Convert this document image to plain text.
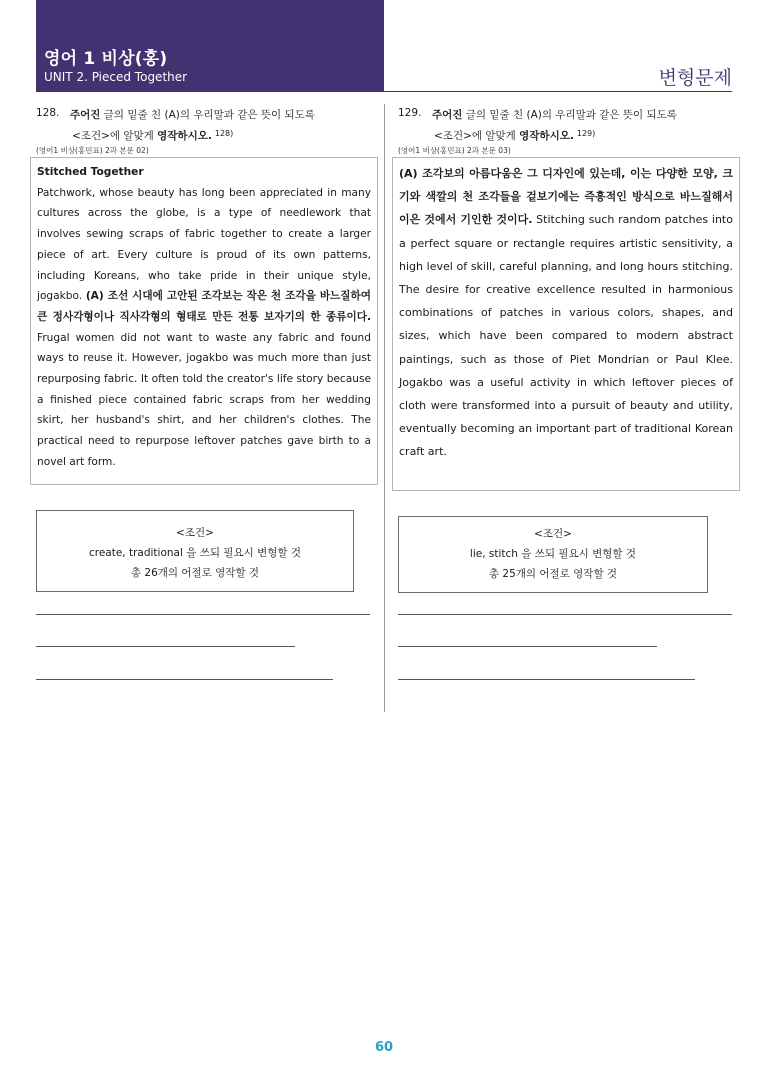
영어 1 비상(홍)
UNIT 2. Pieced Together	변형문제
128. 주어진 글의 밑줄 친 (A)의 우리말과 같은 뜻이 되도록
<조건>에 알맞게 영작하시오. $^{128)}$
(영어1 비상(홍민표) 2과 본문 02)
Stitched Together
Patchwork, whose beauty has long been appreciated in many cultures across the globe, is a type of needlework that involves sewing scraps of fabric together to create a larger piece of art. Every culture is proud of its own patterns, including Koreans, who take pride in their unique style, jogakbo. (A) 조선 시대에 고안된 조각보는 작은 천 조각을 바느질하여 큰 정사각형이나 직사각형의 형태로 만든 전통 보자기의 한 종류이다. Frugal women did not want to waste any fabric and found ways to reuse it. However, jogakbo was much more than just repurposing fabric. It often told the creator's life story because a finished piece contained fabric scraps from her wedding skirt, her husband's shirt, and her children's clothes. The practical need to repurpose leftover patches gave birth to a novel art form.
<조건>
create, traditional 을 쓰되 필요시 변형할 것
총 26개의 어절로 영작할 것
129. 주어진 글의 밑줄 친 (A)의 우리말과 같은 뜻이 되도록
<조건>에 알맞게 영작하시오. $^{129)}$
(영어1 비상(홍민표) 2과 본문 03)
(A) 조각보의 아름다움은 그 디자인에 있는데, 이는 다양한 모양, 크기와 색깔의 천 조각들을 겉보기에는 즉흥적인 방식으로 바느질해서 이은 것에서 기인한 것이다. Stitching such random patches into a perfect square or rectangle requires artistic sensitivity, a high level of skill, careful planning, and long hours stitching. The desire for creative excellence resulted in harmonious combinations of patches in various colors, shapes, and sizes, which have been compared to modern abstract paintings, such as those of Piet Mondrian or Paul Klee. Jogakbo was a useful activity in which leftover pieces of cloth were transformed into a pursuit of beauty and utility, eventually becoming an important part of traditional Korean craft art.
<조건>
lie, stitch 을 쓰되 필요시 변형할 것
총 25개의 어절로 영작할 것
60
